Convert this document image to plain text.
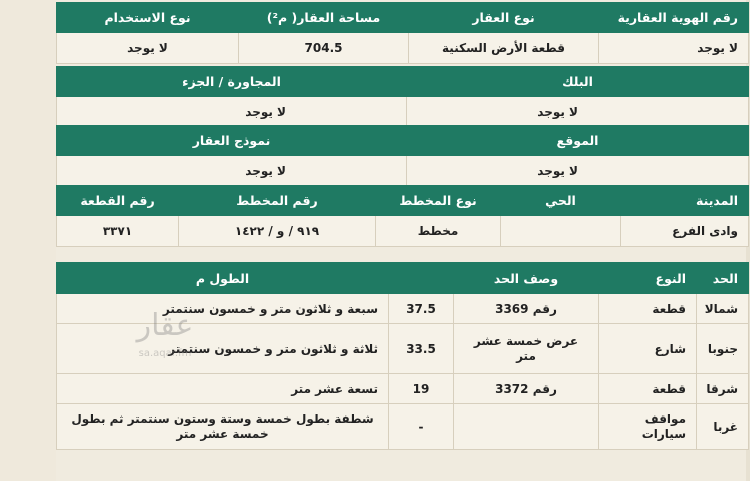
رقم الهوية العقارية	نوع العقار	مساحة العقار( م²)	نوع الاستخدام
لا يوجد	قطعة الأرض السكنية	704.5	لا يوجد
البلك	المجاورة / الجزء
لا يوجد	لا يوجد
الموقع	نموذج العقار
لا يوجد	لا يوجد
المدينة	الحي	نوع المخطط	رقم المخطط	رقم القطعة
وادى الفرع		مخطط	٩١٩ / و / ١٤٢٢	٣٣٧١
الحد	النوع	وصف الحد		الطول م
شمالا	قطعة	رقم 3369	37.5	سبعة و ثلاثون متر و خمسون سنتمتر
جنوبا	شارع	عرض خمسة عشر متر	33.5	ثلاثة و ثلاثون متر و خمسون سنتمتر
شرقا	قطعة	رقم 3372	19	تسعة عشر متر
غربا	مواقف سيارات		-	شطفة بطول خمسة وستة وستون سنتمتر ثم بطول خمسة عشر متر
عقار
sa.aqar.fm
